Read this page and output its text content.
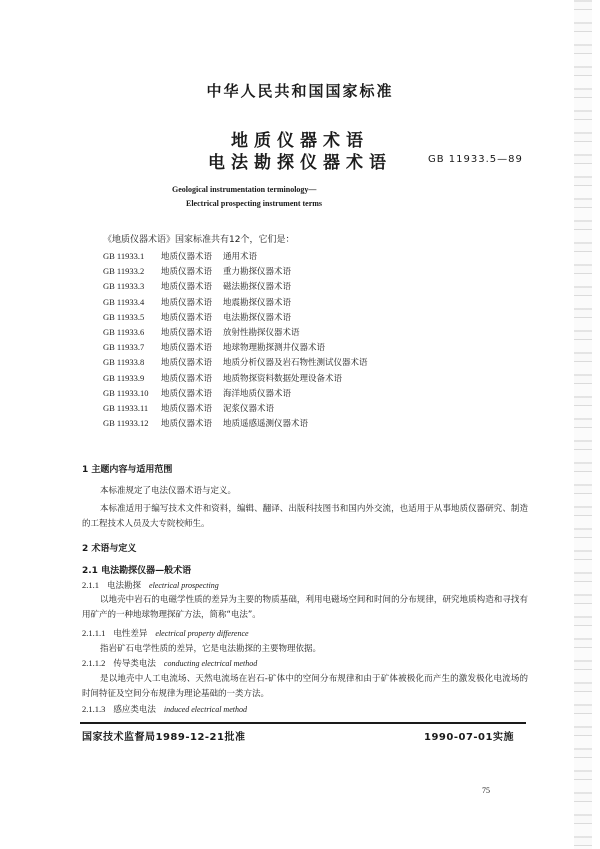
中华人民共和国国家标准
地质仪器术语
电法勘探仪器术语	GB 11933.5—89
Geological instrumentation terminology—
Electrical prospecting instrument terms
《地质仪器术语》国家标准共有12个，它们是：
GB 11933.1 地质仪器术语 通用术语
GB 11933.2 地质仪器术语 重力勘探仪器术语
GB 11933.3 地质仪器术语 磁法勘探仪器术语
GB 11933.4 地质仪器术语 地震勘探仪器术语
GB 11933.5 地质仪器术语 电法勘探仪器术语
GB 11933.6 地质仪器术语 放射性勘探仪器术语
GB 11933.7 地质仪器术语 地球物理勘探测井仪器术语
GB 11933.8 地质仪器术语 地质分析仪器及岩石物性测试仪器术语
GB 11933.9 地质仪器术语 地质物探资料数据处理设备术语
GB 11933.10 地质仪器术语 海洋地质仪器术语
GB 11933.11 地质仪器术语 泥浆仪器术语
GB 11933.12 地质仪器术语 地质遥感遥测仪器术语
1 主题内容与适用范围
本标准规定了电法仪器术语与定义。
本标准适用于编写技术文件和资料，编辑、翻译、出版科技图书和国内外交流，也适用于从事地质仪器研究、制造的工程技术人员及大专院校师生。
2 术语与定义
2.1 电法勘探仪器—般术语
2.1.1 电法勘探 electrical prospecting
以地壳中岩石的电磁学性质的差异为主要的物质基础，利用电磁场空间和时间的分布规律，研究地质构造和寻找有用矿产的一种地球物理探矿方法，简称“电法”。
2.1.1.1 电性差异 electrical property difference
指岩矿石电学性质的差异，它是电法勘探的主要物理依据。
2.1.1.2 传导类电法 conducting electrical method
是以地壳中人工电流场、天然电流场在岩石-矿体中的空间分布规律和由于矿体被极化而产生的激发极化电流场的时间特征及空间分布规律为理论基础的一类方法。
2.1.1.3 感应类电法 induced electrical method
国家技术监督局1989-12-21批准	1990-07-01实施
75
